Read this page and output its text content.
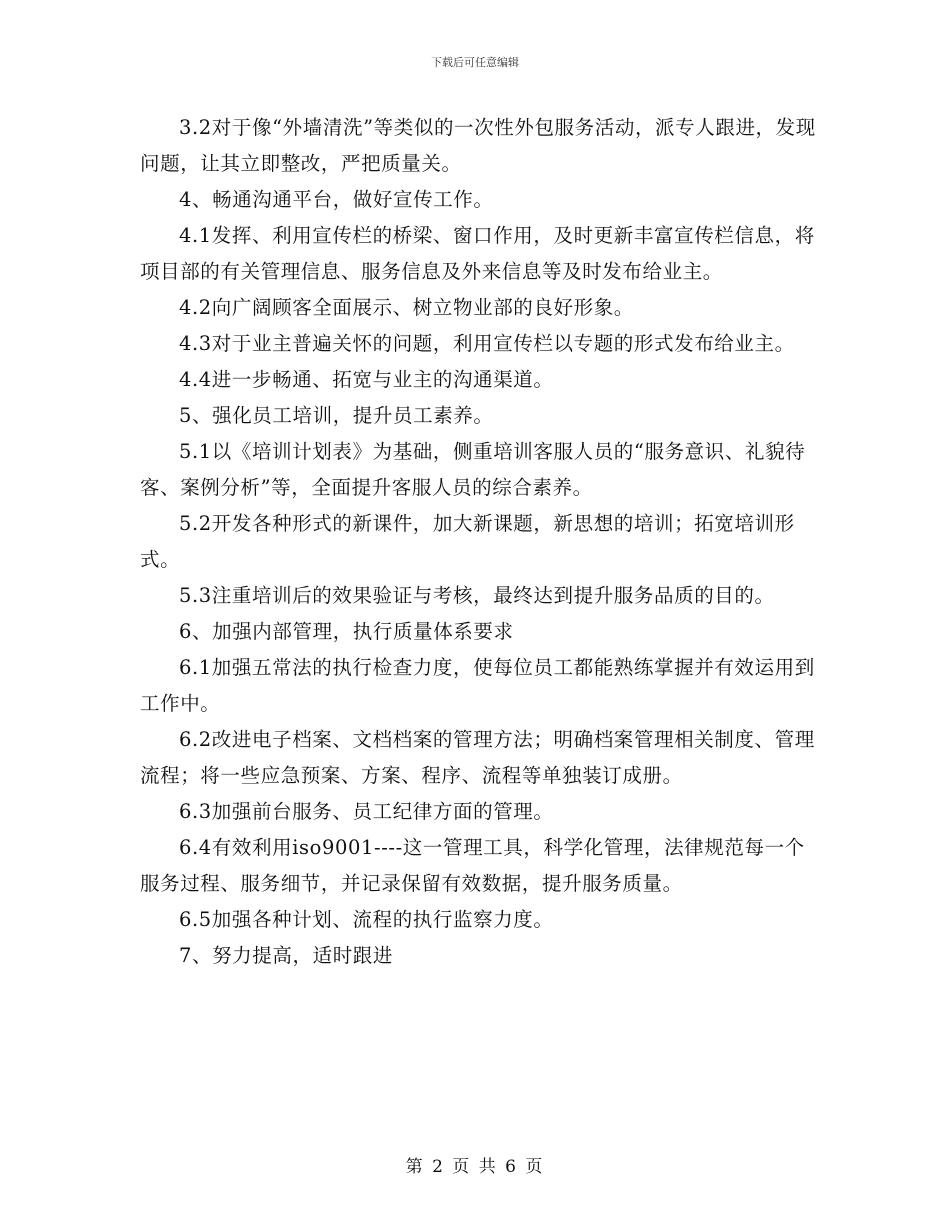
下载后可任意编辑

3.2对于像“外墙清洗”等类似的一次性外包服务活动，派专人跟进，发现问题，让其立即整改，严把质量关。

4、畅通沟通平台，做好宣传工作。

4.1发挥、利用宣传栏的桥梁、窗口作用，及时更新丰富宣传栏信息，将项目部的有关管理信息、服务信息及外来信息等及时发布给业主。

4.2向广阔顾客全面展示、树立物业部的良好形象。

4.3对于业主普遍关怀的问题，利用宣传栏以专题的形式发布给业主。

4.4进一步畅通、拓宽与业主的沟通渠道。

5、强化员工培训，提升员工素养。

5.1以《培训计划表》为基础，侧重培训客服人员的“服务意识、礼貌待客、案例分析”等，全面提升客服人员的综合素养。

5.2开发各种形式的新课件，加大新课题，新思想的培训；拓宽培训形式。

5.3注重培训后的效果验证与考核，最终达到提升服务品质的目的。

6、加强内部管理，执行质量体系要求

6.1加强五常法的执行检查力度，使每位员工都能熟练掌握并有效运用到工作中。

6.2改进电子档案、文档档案的管理方法；明确档案管理相关制度、管理流程；将一些应急预案、方案、程序、流程等单独装订成册。

6.3加强前台服务、员工纪律方面的管理。

6.4有效利用iso9001----这一管理工具，科学化管理，法律规范每一个服务过程、服务细节，并记录保留有效数据，提升服务质量。

6.5加强各种计划、流程的执行监察力度。

7、努力提高，适时跟进

第 2 页 共 6 页
